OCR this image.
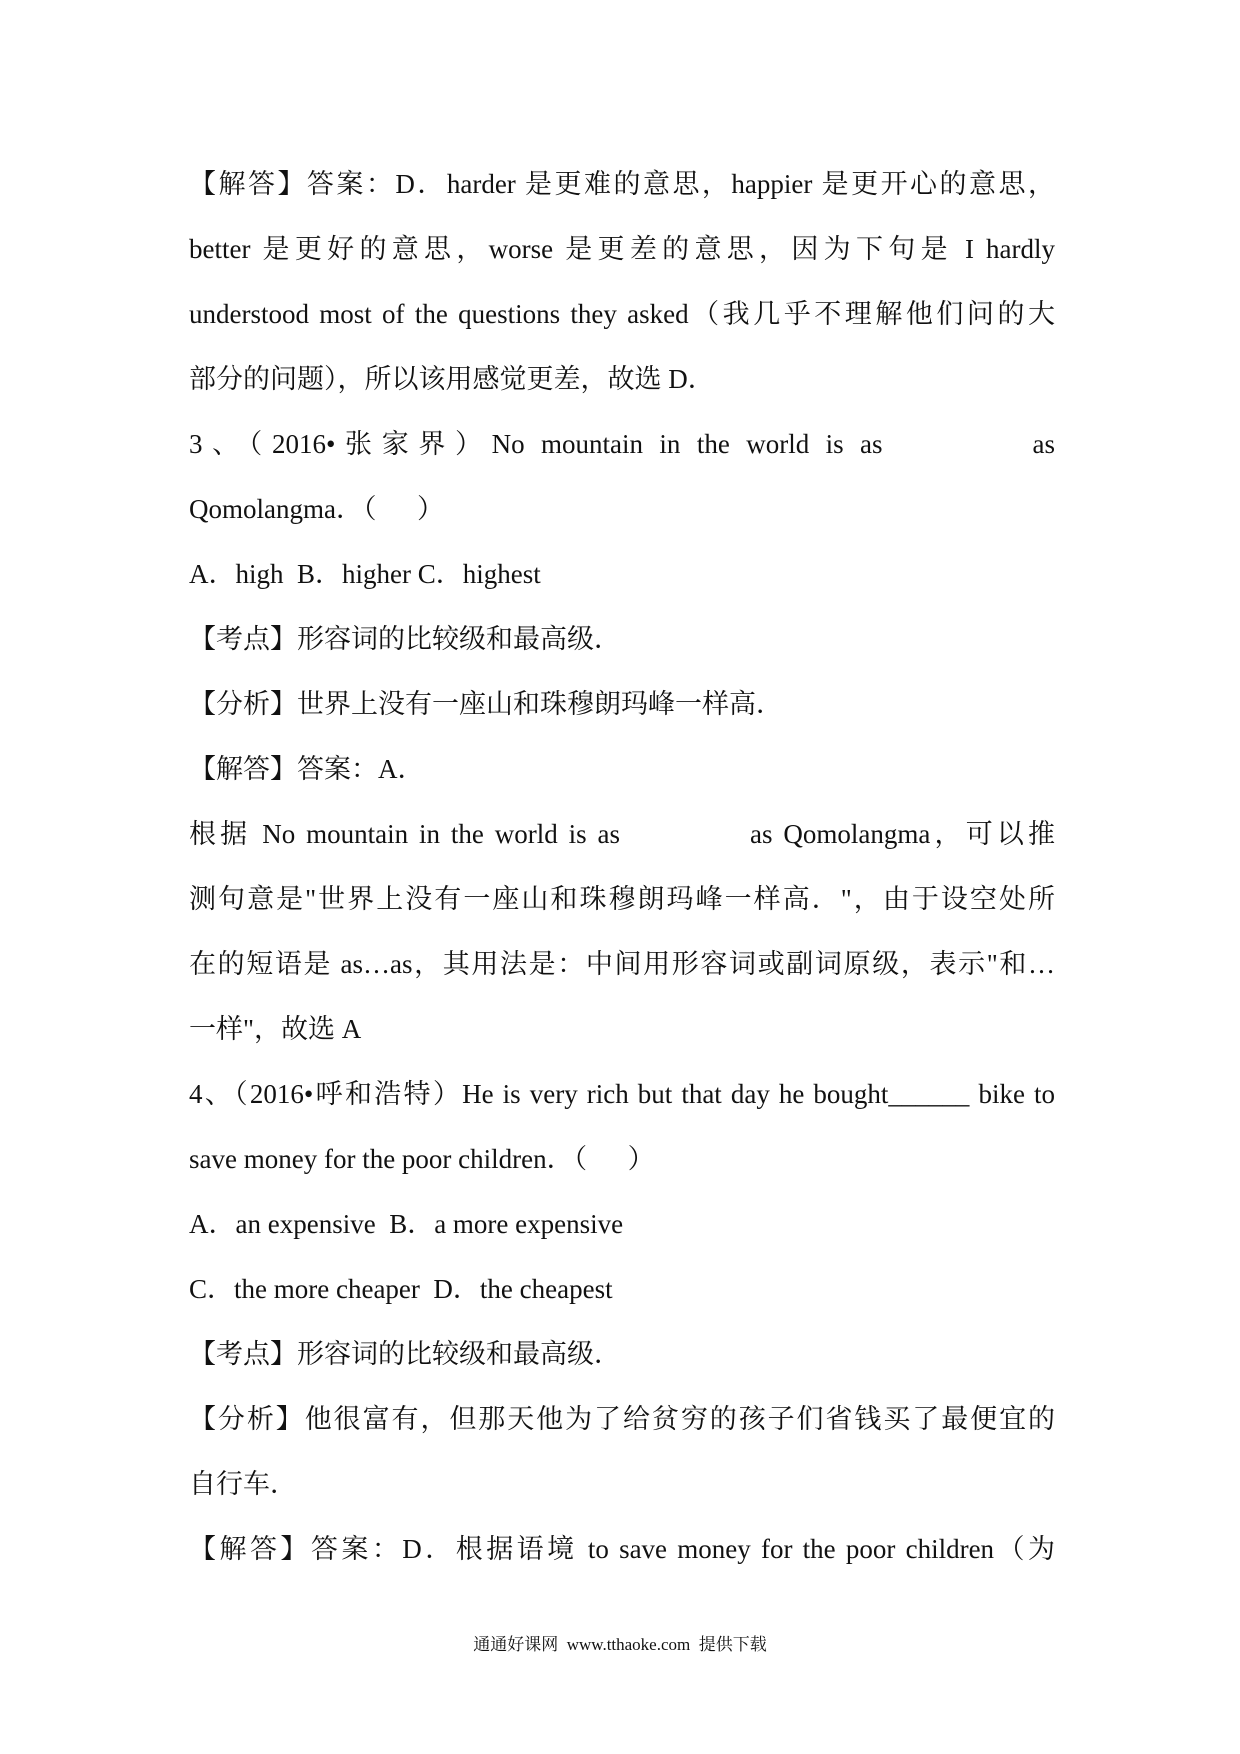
【解答】答案：D．harder 是更难的意思，happier 是更开心的意思，
better 是更好的意思，worse 是更差的意思，因为下句是 I hardly
understood most of the questions they asked（我几乎不理解他们问的大
部分的问题），所以该用感觉更差，故选 D．
3、（2016•张家界）No mountain in the world is as	as
Qomolangma．（      ）
A．high  B．higher C．highest
【考点】形容词的比较级和最高级．
【分析】世界上没有一座山和珠穆朗玛峰一样高．
【解答】答案：A．
根据 No mountain in the world is as	as Qomolangma，可以推
测句意是"世界上没有一座山和珠穆朗玛峰一样高．"，由于设空处所
在的短语是 as…as，其用法是：中间用形容词或副词原级，表示"和…
一样"，故选 A
4、（2016•呼和浩特）He is very rich but that day he bought______ bike to
save money for the poor children．（      ）
A．an expensive  B．a more expensive
C．the more cheaper  D．the cheapest
【考点】形容词的比较级和最高级．
【分析】他很富有，但那天他为了给贫穷的孩子们省钱买了最便宜的
自行车．
【解答】答案：D．根据语境 to save money for the poor children（为
通通好课网  www.tthaoke.com  提供下载
